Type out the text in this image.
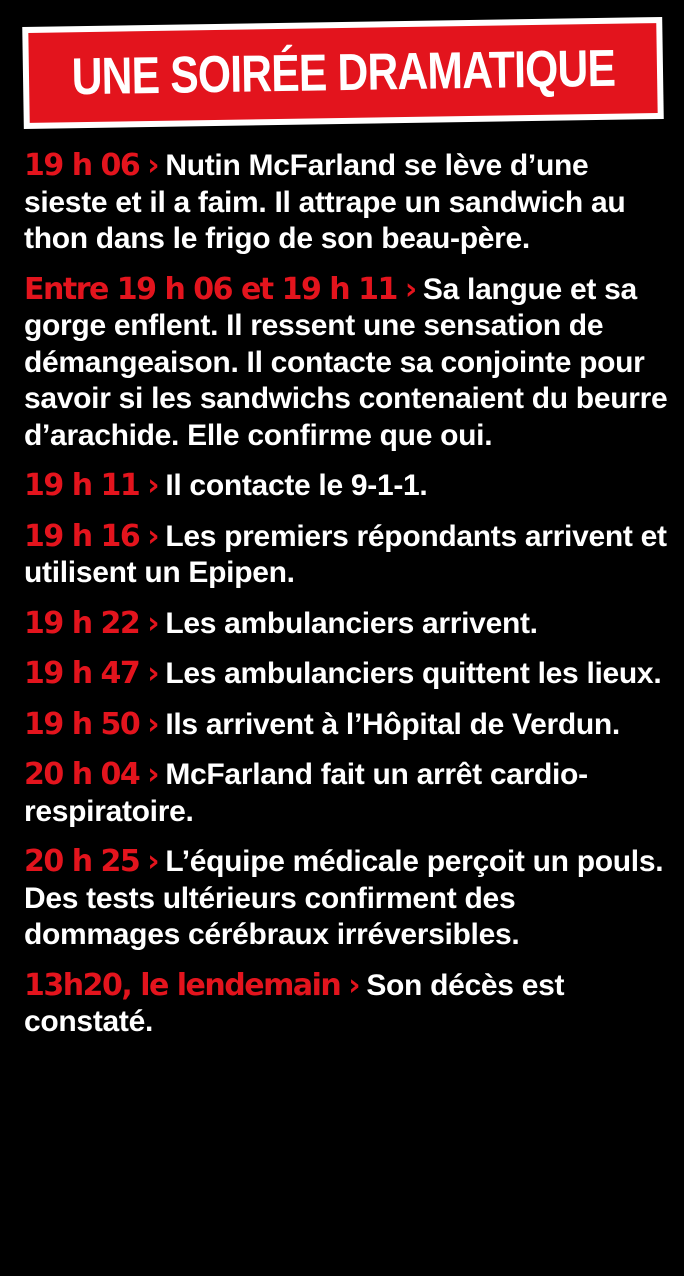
UNE SOIRÉE DRAMATIQUE

19 h 06 › Nutin McFarland se lève d’une sieste et il a faim. Il attrape un sandwich au thon dans le frigo de son beau-père.

Entre 19 h 06 et 19 h 11 › Sa langue et sa gorge enflent. Il ressent une sensation de démangeaison. Il contacte sa conjointe pour savoir si les sandwichs contenaient du beurre d’arachide. Elle confirme que oui.

19 h 11 › Il contacte le 9-1-1.

19 h 16 › Les premiers répondants arrivent et utilisent un Epipen.

19 h 22 › Les ambulanciers arrivent.

19 h 47 › Les ambulanciers quittent les lieux.

19 h 50 › Ils arrivent à l’Hôpital de Verdun.

20 h 04 › McFarland fait un arrêt cardio-respiratoire.

20 h 25 › L’équipe médicale perçoit un pouls. Des tests ultérieurs confirment des dommages cérébraux irréversibles.

13h20, le lendemain › Son décès est constaté.
